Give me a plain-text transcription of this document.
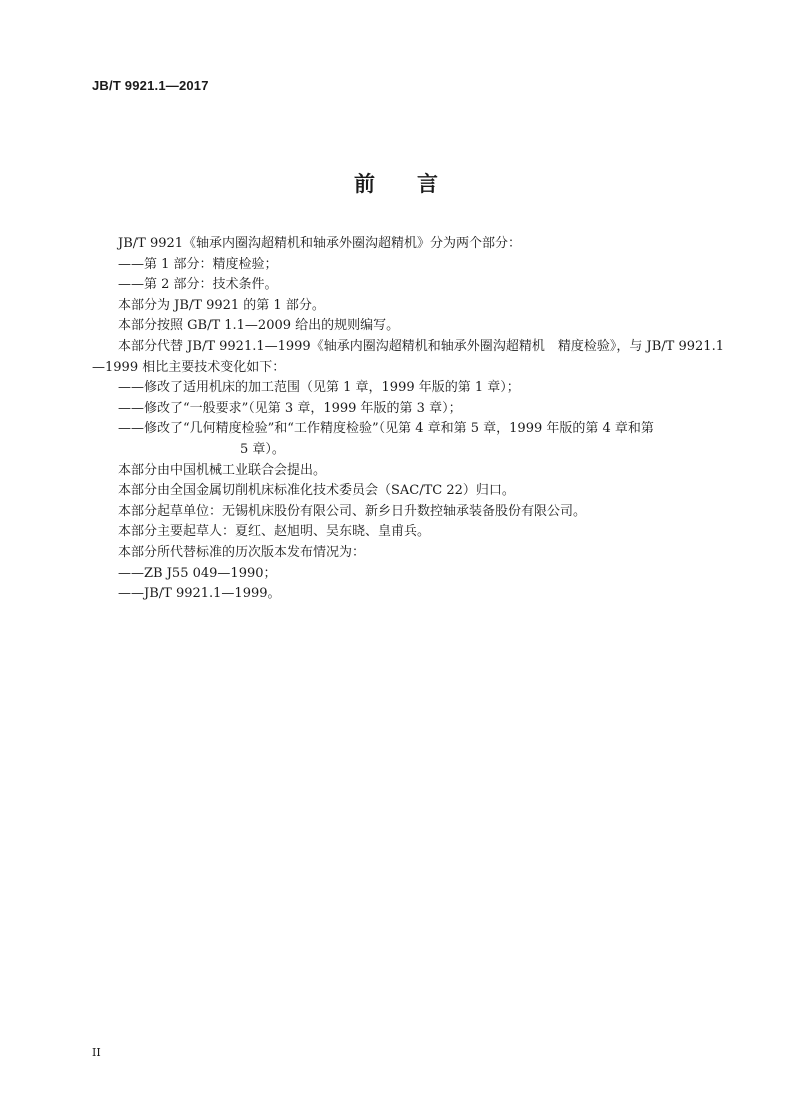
JB/T 9921.1—2017
前言

JB/T 9921《轴承内圈沟超精机和轴承外圈沟超精机》分为两个部分：

——第 1 部分：精度检验；

——第 2 部分：技术条件。

本部分为 JB/T 9921 的第 1 部分。

本部分按照 GB/T 1.1—2009 给出的规则编写。

本部分代替 JB/T 9921.1—1999《轴承内圈沟超精机和轴承外圈沟超精机　精度检验》，与 JB/T 9921.1—1999 相比主要技术变化如下：

——修改了适用机床的加工范围（见第 1 章，1999 年版的第 1 章）；

——修改了“一般要求”（见第 3 章，1999 年版的第 3 章）；

——修改了“几何精度检验”和“工作精度检验”（见第 4 章和第 5 章，1999 年版的第 4 章和第

5 章）。

本部分由中国机械工业联合会提出。

本部分由全国金属切削机床标准化技术委员会（SAC/TC 22）归口。

本部分起草单位：无锡机床股份有限公司、新乡日升数控轴承装备股份有限公司。

本部分主要起草人：夏红、赵旭明、吴东晓、皇甫兵。

本部分所代替标准的历次版本发布情况为：

——ZB J55 049—1990；

——JB/T 9921.1—1999。

II
